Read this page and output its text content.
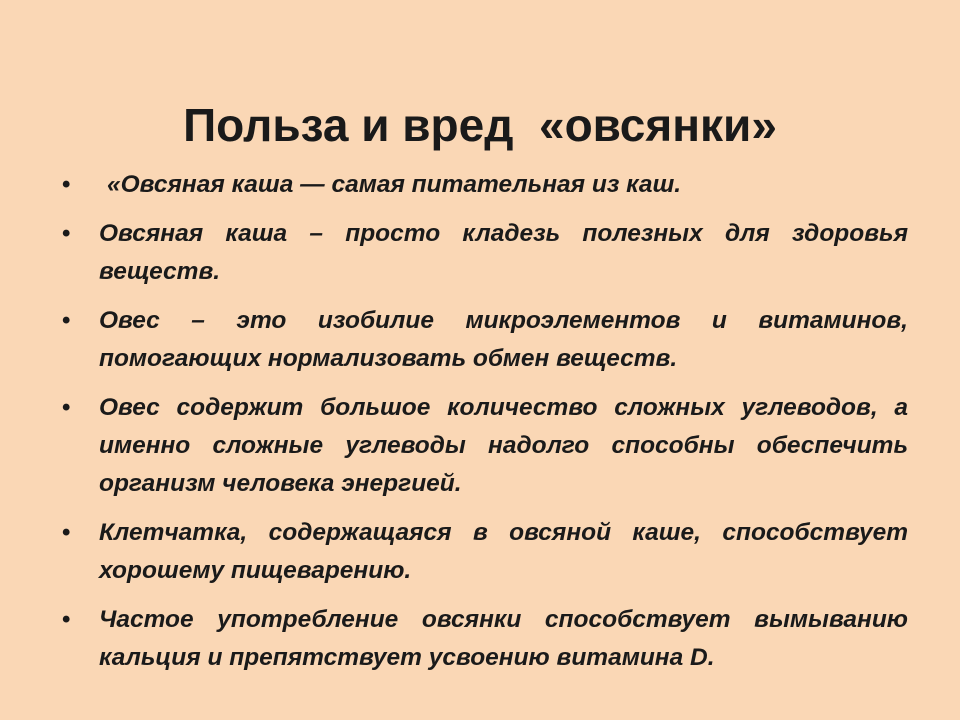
Польза и вред  «овсянки»
•	«Овсяная каша — самая питательная из каш.
• Овсяная каша – просто кладезь полезных для здоровья веществ.
• Овес – это изобилие микроэлементов и витаминов, помогающих нормализовать обмен веществ.
• Овес содержит большое количество сложных углеводов, а именно сложные углеводы надолго способны обеспечить организм человека энергией.
• Клетчатка, содержащаяся в овсяной каше, способствует хорошему пищеварению.
• Частое употребление овсянки способствует вымыванию кальция и препятствует усвоению витамина D.
